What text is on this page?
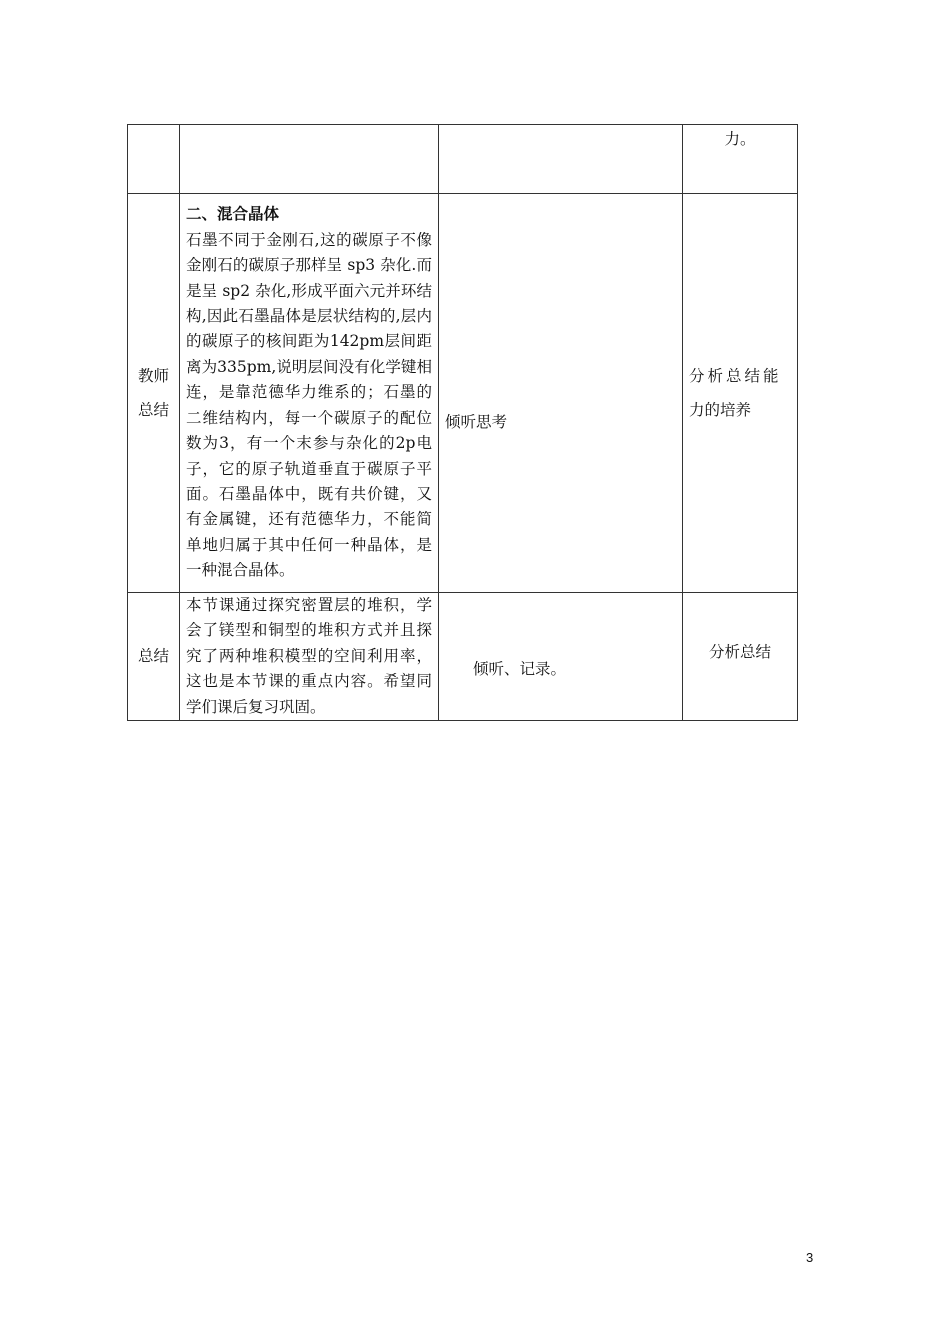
			力。

教师
总结	二、混合晶体
石墨不同于金刚石,这的碳原子不像金刚石的碳原子那样呈 sp3 杂化.而是呈 sp2 杂化,形成平面六元并环结构,因此石墨晶体是层状结构的,层内的碳原子的核间距为142pm层间距离为335pm,说明层间没有化学键相连，是靠范德华力维系的；石墨的二维结构内，每一个碳原子的配位数为3，有一个末参与杂化的2p电子，它的原子轨道垂直于碳原子平面。石墨晶体中，既有共价键，又有金属键，还有范德华力，不能简单地归属于其中任何一种晶体，是一种混合晶体。	倾听思考	分析总结能
力的培养

总结	本节课通过探究密置层的堆积，学会了镁型和铜型的堆积方式并且探究了两种堆积模型的空间利用率，这也是本节课的重点内容。希望同学们课后复习巩固。	倾听、记录。	分析总结
3
